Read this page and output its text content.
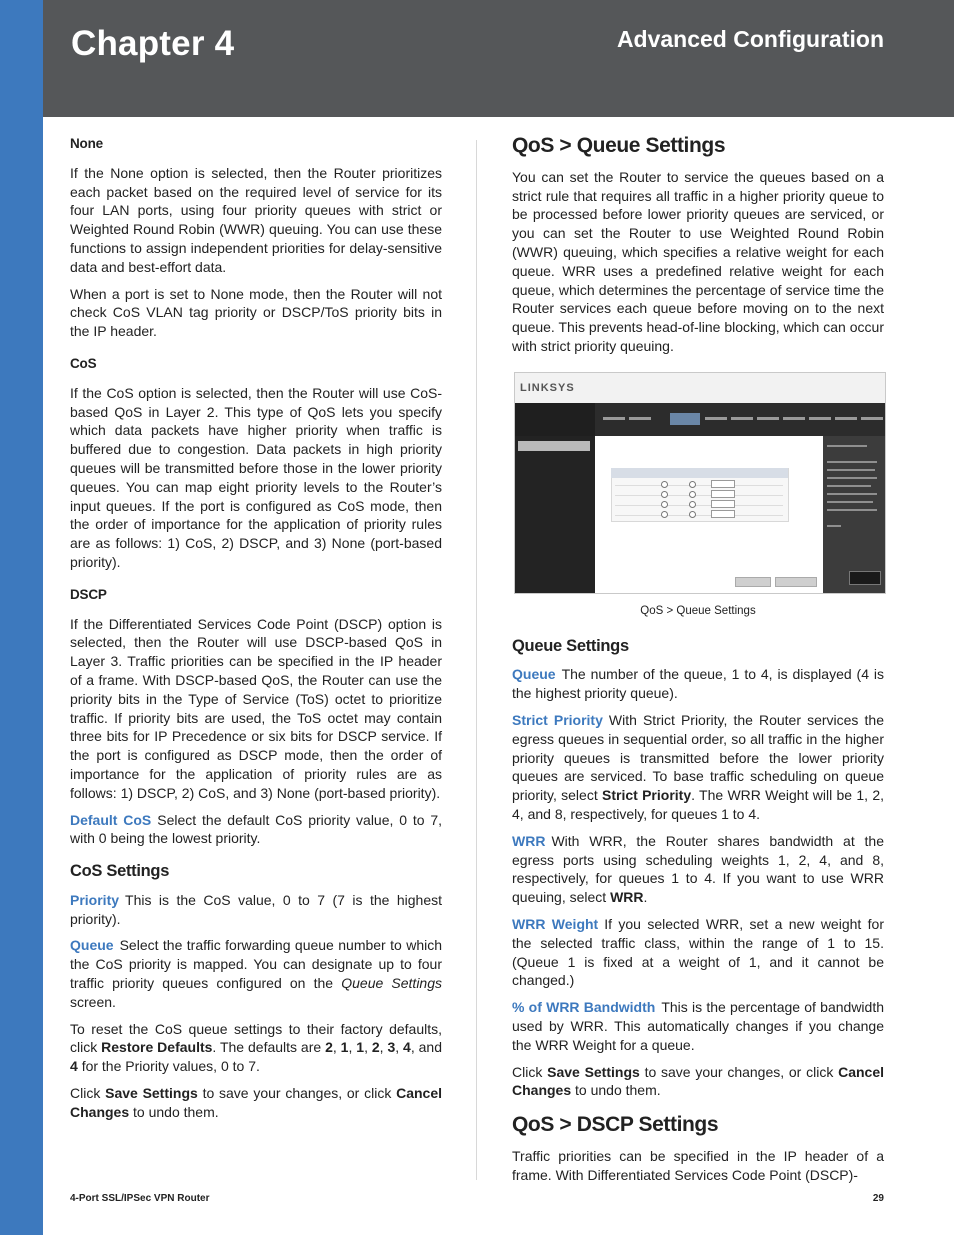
Chapter 4	Advanced Configuration
None

If the None option is selected, then the Router prioritizes each packet based on the required level of service for its four LAN ports, using four priority queues with strict or Weighted Round Robin (WWR) queuing. You can use these functions to assign independent priorities for delay-sensitive data and best-effort data.

When a port is set to None mode, then the Router will not check CoS VLAN tag priority or DSCP/ToS priority bits in the IP header.

CoS

If the CoS option is selected, then the Router will use CoS-based QoS in Layer 2. This type of QoS lets you specify which data packets have higher priority when traffic is buffered due to congestion. Data packets in high priority queues will be transmitted before those in the lower priority queues. You can map eight priority levels to the Router’s input queues. If the port is configured as CoS mode, then the order of importance for the application of priority rules are as follows: 1) CoS, 2) DSCP, and 3) None (port-based priority).

DSCP

If the Differentiated Services Code Point (DSCP) option is selected, then the Router will use DSCP-based QoS in Layer 3. Traffic priorities can be specified in the IP header of a frame. With DSCP-based QoS, the Router can use the priority bits in the Type of Service (ToS) octet to prioritize traffic. If priority bits are used, the ToS octet may contain three bits for IP Precedence or six bits for DSCP service. If the port is configured as DSCP mode, then the order of importance for the application of priority rules are as follows: 1) DSCP, 2) CoS, and 3) None (port-based priority).

Default CoS Select the default CoS priority value, 0 to 7, with 0 being the lowest priority.

CoS Settings

Priority This is the CoS value, 0 to 7 (7 is the highest priority).

Queue Select the traffic forwarding queue number to which the CoS priority is mapped. You can designate up to four traffic priority queues configured on the Queue Settings screen.

To reset the CoS queue settings to their factory defaults, click Restore Defaults. The defaults are 2, 1, 1, 2, 3, 4, and 4 for the Priority values, 0 to 7.

Click Save Settings to save your changes, or click Cancel Changes to undo them.

QoS > Queue Settings

You can set the Router to service the queues based on a strict rule that requires all traffic in a higher priority queue to be processed before lower priority queues are serviced, or you can set the Router to use Weighted Round Robin (WWR) queuing, which specifies a relative weight for each queue. WRR uses a predefined relative weight for each queue, which determines the percentage of service time the Router services each queue before moving on to the next queue. This prevents head-of-line blocking, which can occur with strict priority queuing.

LINKSYS
QoS > Queue Settings
Queue Settings

Queue The number of the queue, 1 to 4, is displayed (4 is the highest priority queue).

Strict Priority With Strict Priority, the Router services the egress queues in sequential order, so all traffic in the higher priority queues is transmitted before the lower priority queues are serviced. To base traffic scheduling on queue priority, select Strict Priority. The WRR Weight will be 1, 2, 4, and 8, respectively, for queues 1 to 4.

WRR With WRR, the Router shares bandwidth at the egress ports using scheduling weights 1, 2, 4, and 8, respectively, for queues 1 to 4. If you want to use WRR queuing, select WRR.

WRR Weight If you selected WRR, set a new weight for the selected traffic class, within the range of 1 to 15. (Queue 1 is fixed at a weight of 1, and it cannot be changed.)

% of WRR Bandwidth This is the percentage of bandwidth used by WRR. This automatically changes if you change the WRR Weight for a queue.

Click Save Settings to save your changes, or click Cancel Changes to undo them.

QoS > DSCP Settings

Traffic priorities can be specified in the IP header of a frame. With Differentiated Services Code Point (DSCP)-

4-Port SSL/IPSec VPN Router	29
